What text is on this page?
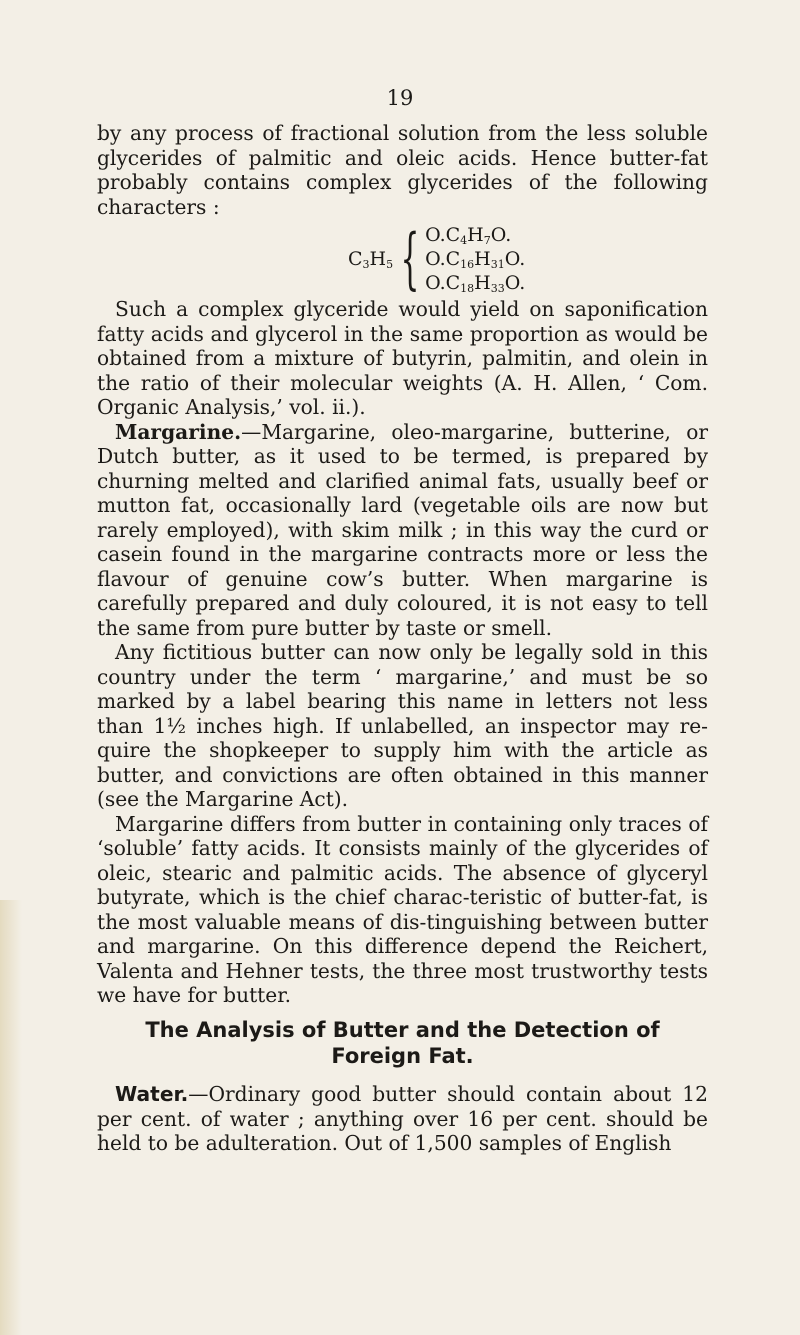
19

by any process of fractional solution from the less soluble

glycerides of palmitic and oleic acids. Hence butter-fat

probably contains complex glycerides of the following

characters :

$C_3H_5$ { $O.C_4H_7O$.
$O.C_{16}H_{31}O$.
$O.C_{18}H_{33}O$.

Such a complex glyceride would yield on saponification fatty acids and glycerol in the same proportion as would be obtained from a mixture of butyrin, palmitin, and olein in the ratio of their molecular weights (A. H. Allen, ‘ Com. Organic Analysis,’ vol. ii.).

Margarine.—Margarine, oleo-margarine, butterine, or Dutch butter, as it used to be termed, is prepared by churning melted and clarified animal fats, usually beef or mutton fat, occasionally lard (vegetable oils are now but rarely employed), with skim milk ; in this way the curd or casein found in the margarine contracts more or less the flavour of genuine cow’s butter. When margarine is carefully prepared and duly coloured, it is not easy to tell the same from pure butter by taste or smell.

Any fictitious butter can now only be legally sold in this country under the term ‘ margarine,’ and must be so marked by a label bearing this name in letters not less than 1½ inches high. If unlabelled, an inspector may re-quire the shopkeeper to supply him with the article as butter, and convictions are often obtained in this manner (see the Margarine Act).

Margarine differs from butter in containing only traces of ‘soluble’ fatty acids. It consists mainly of the glycerides of oleic, stearic and palmitic acids. The absence of glyceryl butyrate, which is the chief charac-teristic of butter-fat, is the most valuable means of dis-tinguishing between butter and margarine. On this difference depend the Reichert, Valenta and Hehner tests, the three most trustworthy tests we have for butter.

The Analysis of Butter and the Detection of Foreign Fat.

Water.—Ordinary good butter should contain about 12 per cent. of water ; anything over 16 per cent. should be held to be adulteration. Out of 1,500 samples of English
